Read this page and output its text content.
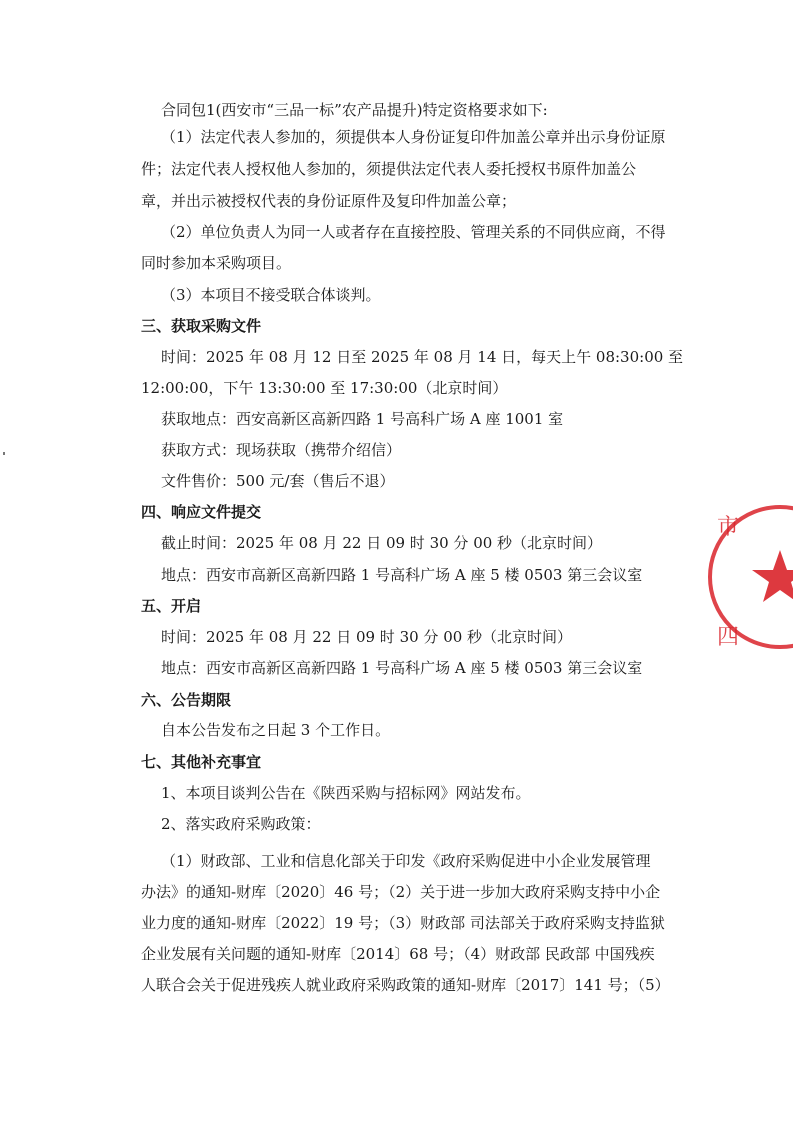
合同包1(西安市“三品一标”农产品提升)特定资格要求如下:
（1）法定代表人参加的，须提供本人身份证复印件加盖公章并出示身份证原
件；法定代表人授权他人参加的，须提供法定代表人委托授权书原件加盖公
章，并出示被授权代表的身份证原件及复印件加盖公章；
（2）单位负责人为同一人或者存在直接控股、管理关系的不同供应商，不得
同时参加本采购项目。
（3）本项目不接受联合体谈判。
三、获取采购文件
时间：2025 年 08 月 12 日至 2025 年 08 月 14 日，每天上午 08:30:00 至
12:00:00，下午 13:30:00 至 17:30:00（北京时间）
获取地点：西安高新区高新四路 1 号高科广场 A 座 1001 室
获取方式：现场获取（携带介绍信）
文件售价：500 元/套（售后不退）
四、响应文件提交
截止时间：2025 年 08 月 22 日 09 时 30 分 00 秒（北京时间）
地点：西安市高新区高新四路 1 号高科广场 A 座 5 楼 0503 第三会议室
五、开启
时间：2025 年 08 月 22 日 09 时 30 分 00 秒（北京时间）
地点：西安市高新区高新四路 1 号高科广场 A 座 5 楼 0503 第三会议室
六、公告期限
自本公告发布之日起 3 个工作日。
七、其他补充事宜
1、本项目谈判公告在《陕西采购与招标网》网站发布。
2、落实政府采购政策：
（1）财政部、工业和信息化部关于印发《政府采购促进中小企业发展管理
办法》的通知-财库〔2020〕46 号；（2）关于进一步加大政府采购支持中小企
业力度的通知-财库〔2022〕19 号；（3）财政部 司法部关于政府采购支持监狱
企业发展有关问题的通知-财库〔2014〕68 号；（4）财政部 民政部 中国残疾
人联合会关于促进残疾人就业政府采购政策的通知-财库〔2017〕141 号；（5）
市
四
